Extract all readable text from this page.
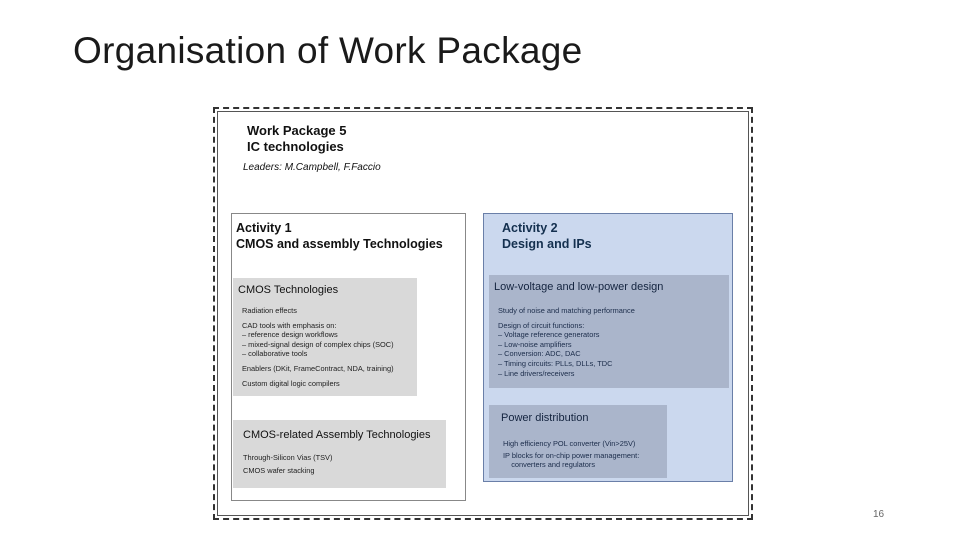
Organisation of Work Package
Work Package 5
IC technologies
Leaders: M.Campbell, F.Faccio
Activity 1
CMOS and assembly Technologies
CMOS Technologies
Radiation effects
CAD tools with emphasis on:
– reference design workflows
– mixed-signal design of complex chips (SOC)
– collaborative tools
Enablers (DKit, FrameContract, NDA, training)
Custom digital logic compilers
CMOS-related Assembly Technologies
Through-Silicon Vias (TSV)
CMOS wafer stacking
Activity 2
Design and IPs
Low-voltage and low-power design
Study of noise and matching performance
Design of circuit functions:
– Voltage reference generators
– Low-noise amplifiers
– Conversion: ADC, DAC
– Timing circuits: PLLs, DLLs, TDC
– Line drivers/receivers
Power distribution
High efficiency POL converter (Vin>25V)
IP blocks for on-chip power management:
converters and regulators
16
